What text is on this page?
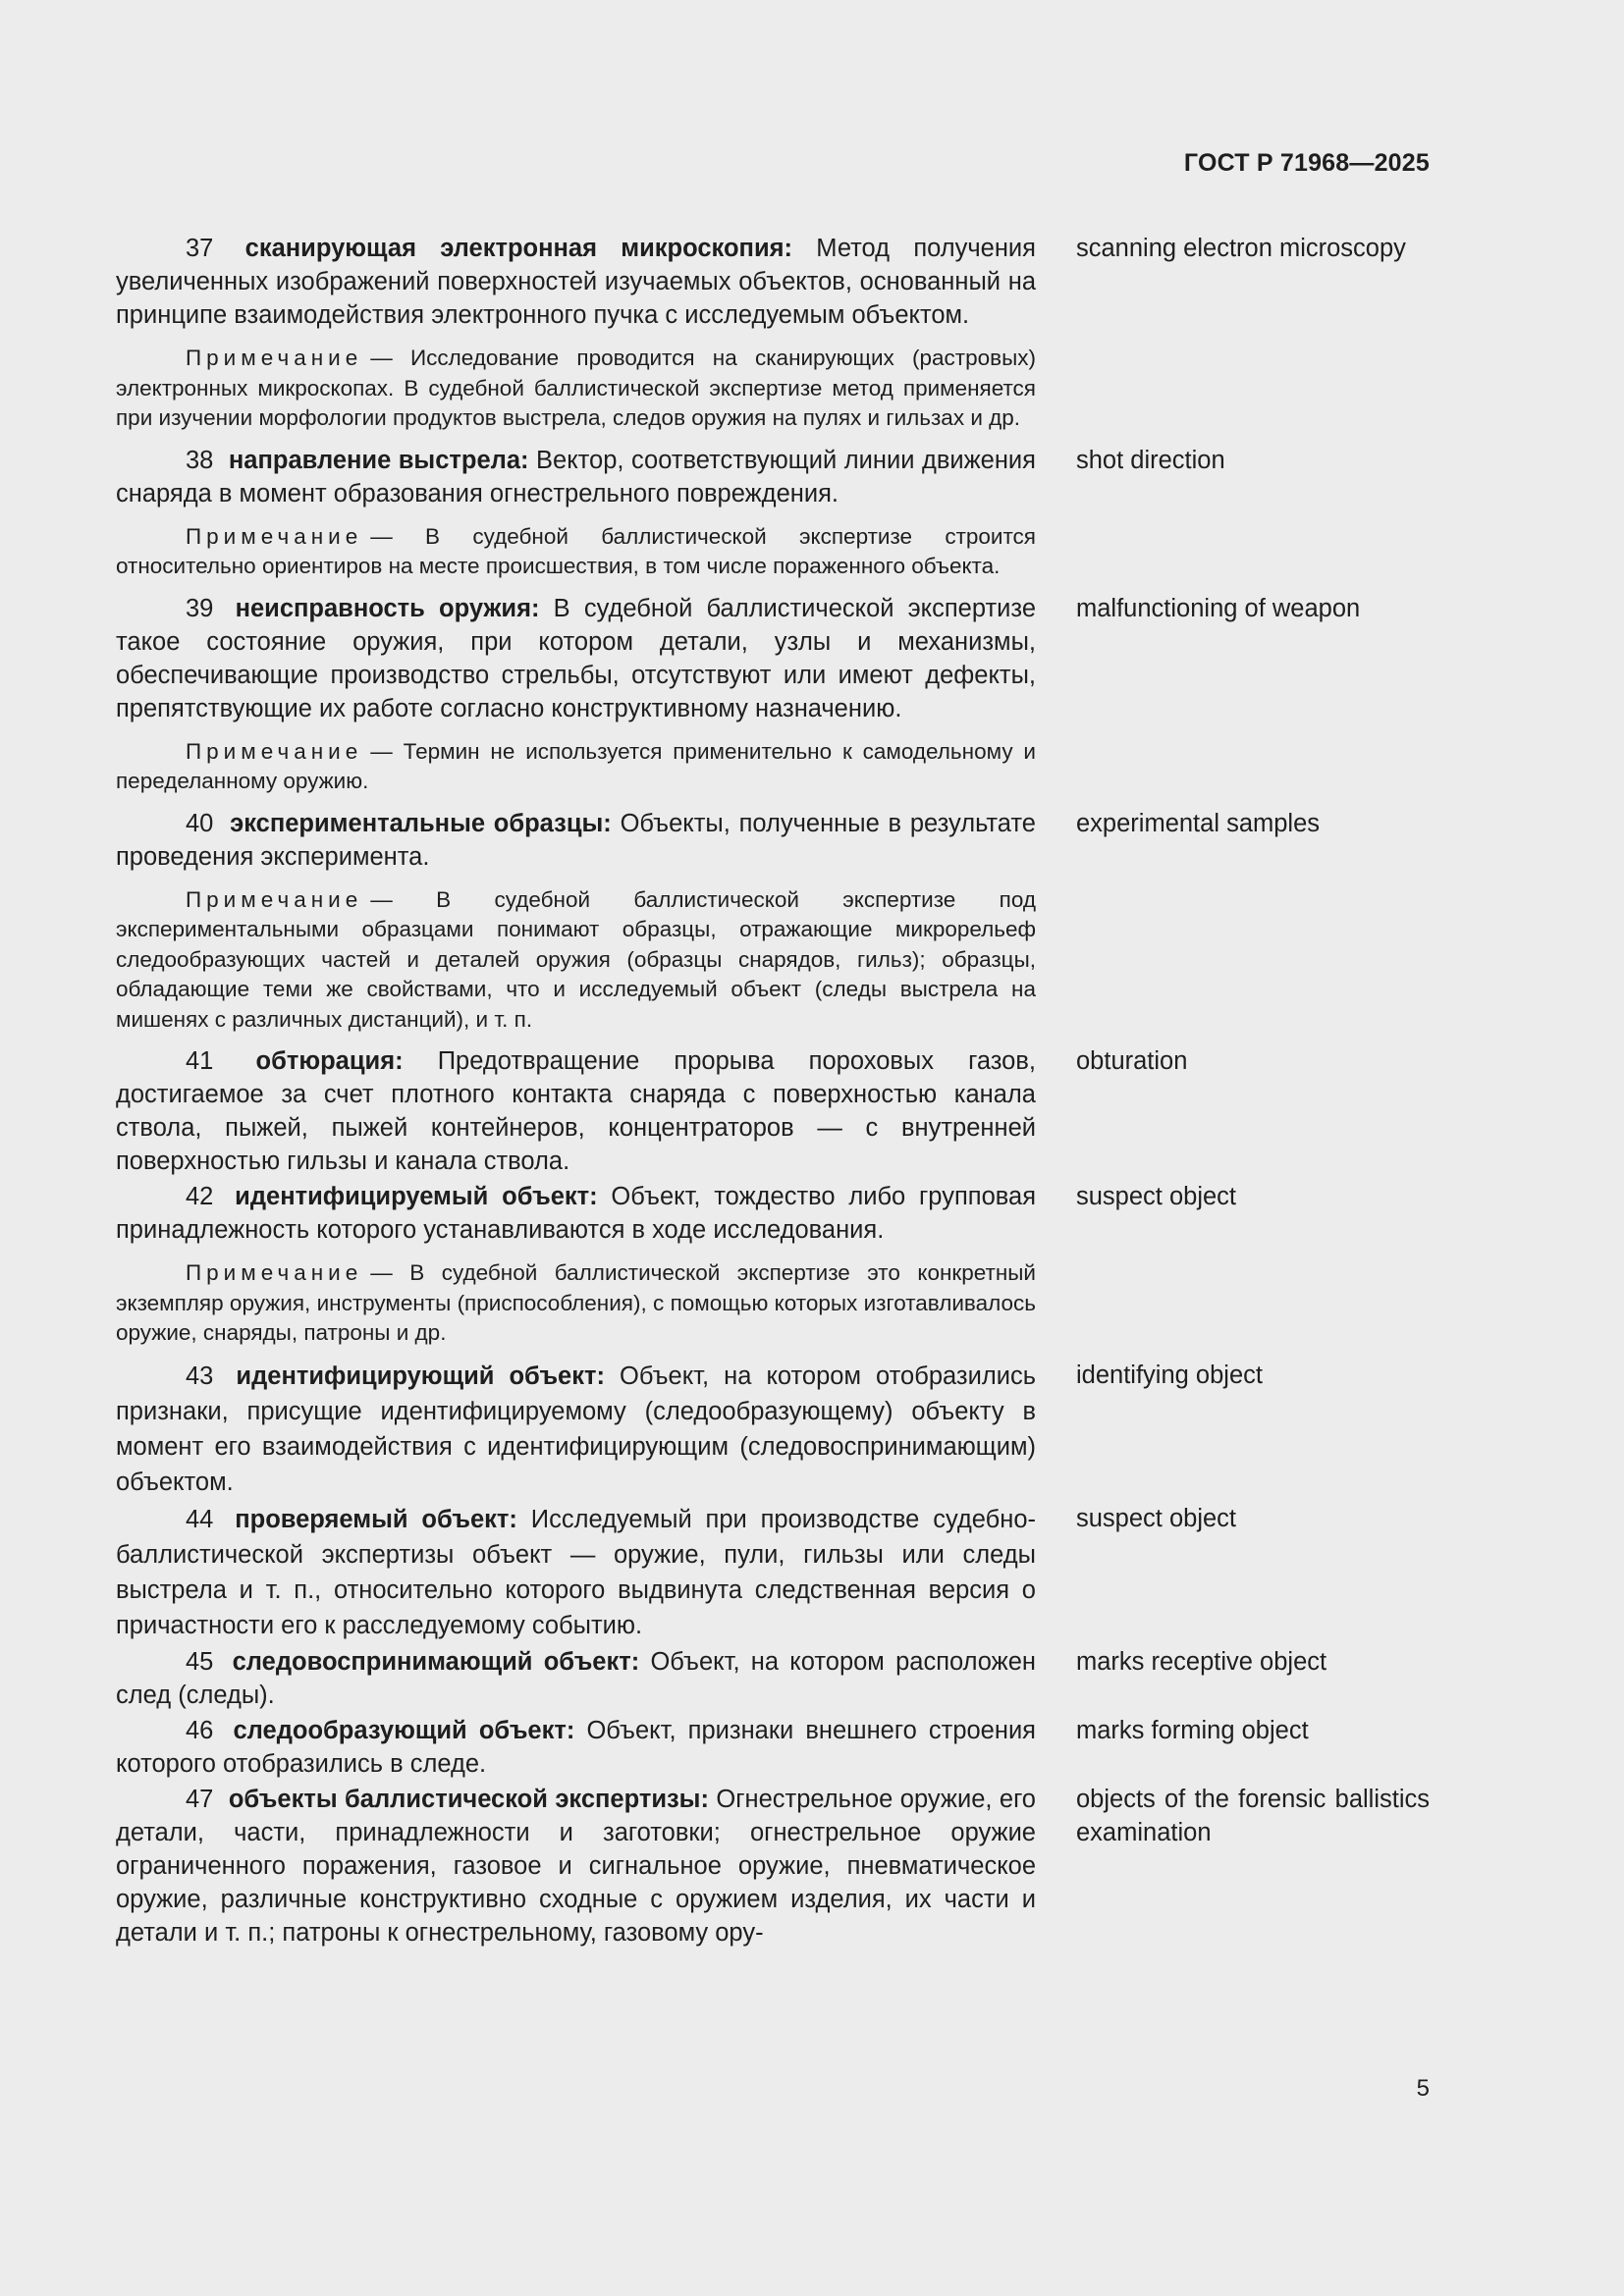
ГОСТ Р 71968—2025
37 сканирующая электронная микроскопия: Метод получения увеличенных изображений поверхностей изучаемых объектов, основанный на принципе взаимодействия электронного пучка с исследуемым объектом.
scanning electron microscopy
Примечание — Исследование проводится на сканирующих (растровых) электронных микроскопах. В судебной баллистической экспертизе метод применяется при изучении морфологии продуктов выстрела, следов оружия на пулях и гильзах и др.
38 направление выстрела: Вектор, соответствующий линии движения снаряда в момент образования огнестрельного повреждения.
shot direction
Примечание — В судебной баллистической экспертизе строится относительно ориентиров на месте происшествия, в том числе пораженного объекта.
39 неисправность оружия: В судебной баллистической экспертизе такое состояние оружия, при котором детали, узлы и механизмы, обеспечивающие производство стрельбы, отсутствуют или имеют дефекты, препятствующие их работе согласно конструктивному назначению.
malfunctioning of weapon
Примечание — Термин не используется применительно к самодельному и переделанному оружию.
40 экспериментальные образцы: Объекты, полученные в результате проведения эксперимента.
experimental samples
Примечание — В судебной баллистической экспертизе под экспериментальными образцами понимают образцы, отражающие микрорельеф следообразующих частей и деталей оружия (образцы снарядов, гильз); образцы, обладающие теми же свойствами, что и исследуемый объект (следы выстрела на мишенях с различных дистанций), и т. п.
41 обтюрация: Предотвращение прорыва пороховых газов, достигаемое за счет плотного контакта снаряда с поверхностью канала ствола, пыжей, пыжей контейнеров, концентраторов — с внутренней поверхностью гильзы и канала ствола.
obturation
42 идентифицируемый объект: Объект, тождество либо групповая принадлежность которого устанавливаются в ходе исследования.
suspect object
Примечание — В судебной баллистической экспертизе это конкретный экземпляр оружия, инструменты (приспособления), с помощью которых изготавливалось оружие, снаряды, патроны и др.
43 идентифицирующий объект: Объект, на котором отобразились признаки, присущие идентифицируемому (следообразующему) объекту в момент его взаимодействия с идентифицирующим (следовоспринимающим) объектом.
identifying object
44 проверяемый объект: Исследуемый при производстве судебно-баллистической экспертизы объект — оружие, пули, гильзы или следы выстрела и т. п., относительно которого выдвинута следственная версия о причастности его к расследуемому событию.
suspect object
45 следовоспринимающий объект: Объект, на котором расположен след (следы).
marks receptive object
46 следообразующий объект: Объект, признаки внешнего строения которого отобразились в следе.
marks forming object
47 объекты баллистической экспертизы: Огнестрельное оружие, его детали, части, принадлежности и заготовки; огнестрельное оружие ограниченного поражения, газовое и сигнальное оружие, пневматическое оружие, различные конструктивно сходные с оружием изделия, их части и детали и т. п.; патроны к огнестрельному, газовому ору-
objects of the forensic ballistics examination
5
